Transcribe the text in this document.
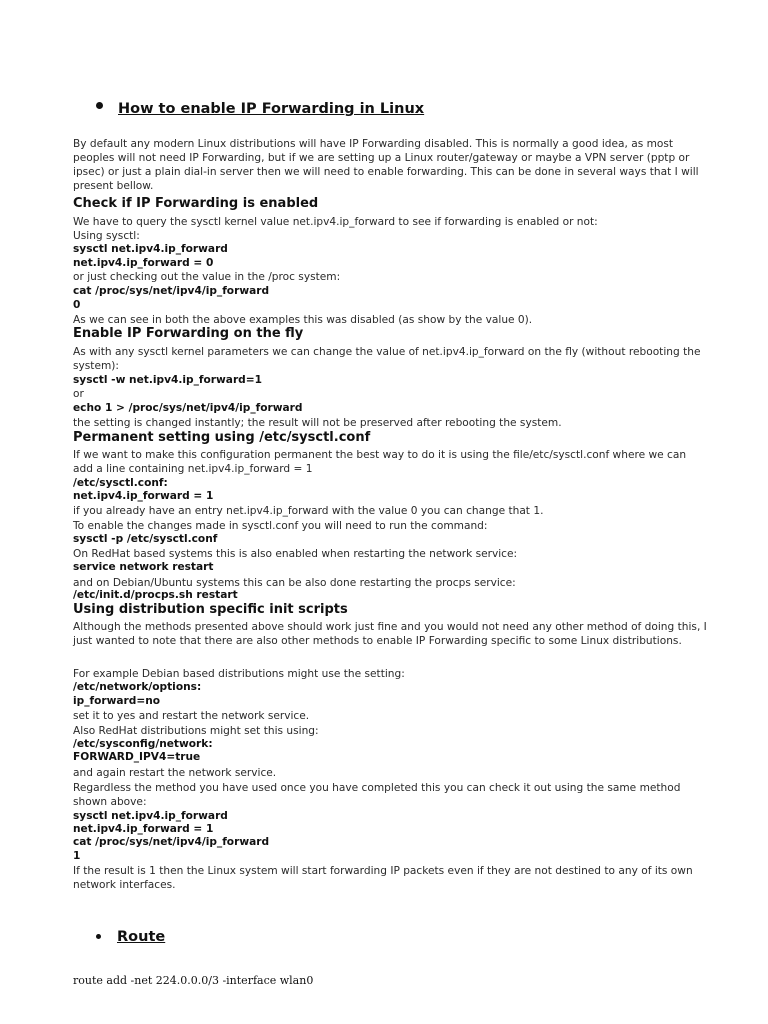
How to enable IP Forwarding in Linux
By default any modern Linux distributions will have IP Forwarding disabled. This is normally a good idea, as most peoples will not need IP Forwarding, but if we are setting up a Linux router/gateway or maybe a VPN server (pptp or ipsec) or just a plain dial-in server then we will need to enable forwarding. This can be done in several ways that I will present bellow.
Check if IP Forwarding is enabled
We have to query the sysctl kernel value net.ipv4.ip_forward to see if forwarding is enabled or not:
Using sysctl:
sysctl net.ipv4.ip_forward
net.ipv4.ip_forward = 0
or just checking out the value in the /proc system:
cat /proc/sys/net/ipv4/ip_forward
0
As we can see in both the above examples this was disabled (as show by the value 0).
Enable IP Forwarding on the fly
As with any sysctl kernel parameters we can change the value of net.ipv4.ip_forward on the fly (without rebooting the system):
sysctl -w net.ipv4.ip_forward=1
or
echo 1 > /proc/sys/net/ipv4/ip_forward
the setting is changed instantly; the result will not be preserved after rebooting the system.
Permanent setting using /etc/sysctl.conf
If we want to make this configuration permanent the best way to do it is using the file/etc/sysctl.conf where we can add a line containing net.ipv4.ip_forward = 1
/etc/sysctl.conf:
net.ipv4.ip_forward = 1
if you already have an entry net.ipv4.ip_forward with the value 0 you can change that 1.
To enable the changes made in sysctl.conf you will need to run the command:
sysctl -p /etc/sysctl.conf
On RedHat based systems this is also enabled when restarting the network service:
service network restart
and on Debian/Ubuntu systems this can be also done restarting the procps service:
/etc/init.d/procps.sh restart
Using distribution specific init scripts
Although the methods presented above should work just fine and you would not need any other method of doing this, I just wanted to note that there are also other methods to enable IP Forwarding specific to some Linux distributions.
For example Debian based distributions might use the setting:
/etc/network/options:
ip_forward=no
set it to yes and restart the network service.
Also RedHat distributions might set this using:
/etc/sysconfig/network:
FORWARD_IPV4=true
and again restart the network service.
Regardless the method you have used once you have completed this you can check it out using the same method shown above:
sysctl net.ipv4.ip_forward
net.ipv4.ip_forward = 1
cat /proc/sys/net/ipv4/ip_forward
1
If the result is 1 then the Linux system will start forwarding IP packets even if they are not destined to any of its own network interfaces.
Route
route add -net 224.0.0.0/3 -interface wlan0
